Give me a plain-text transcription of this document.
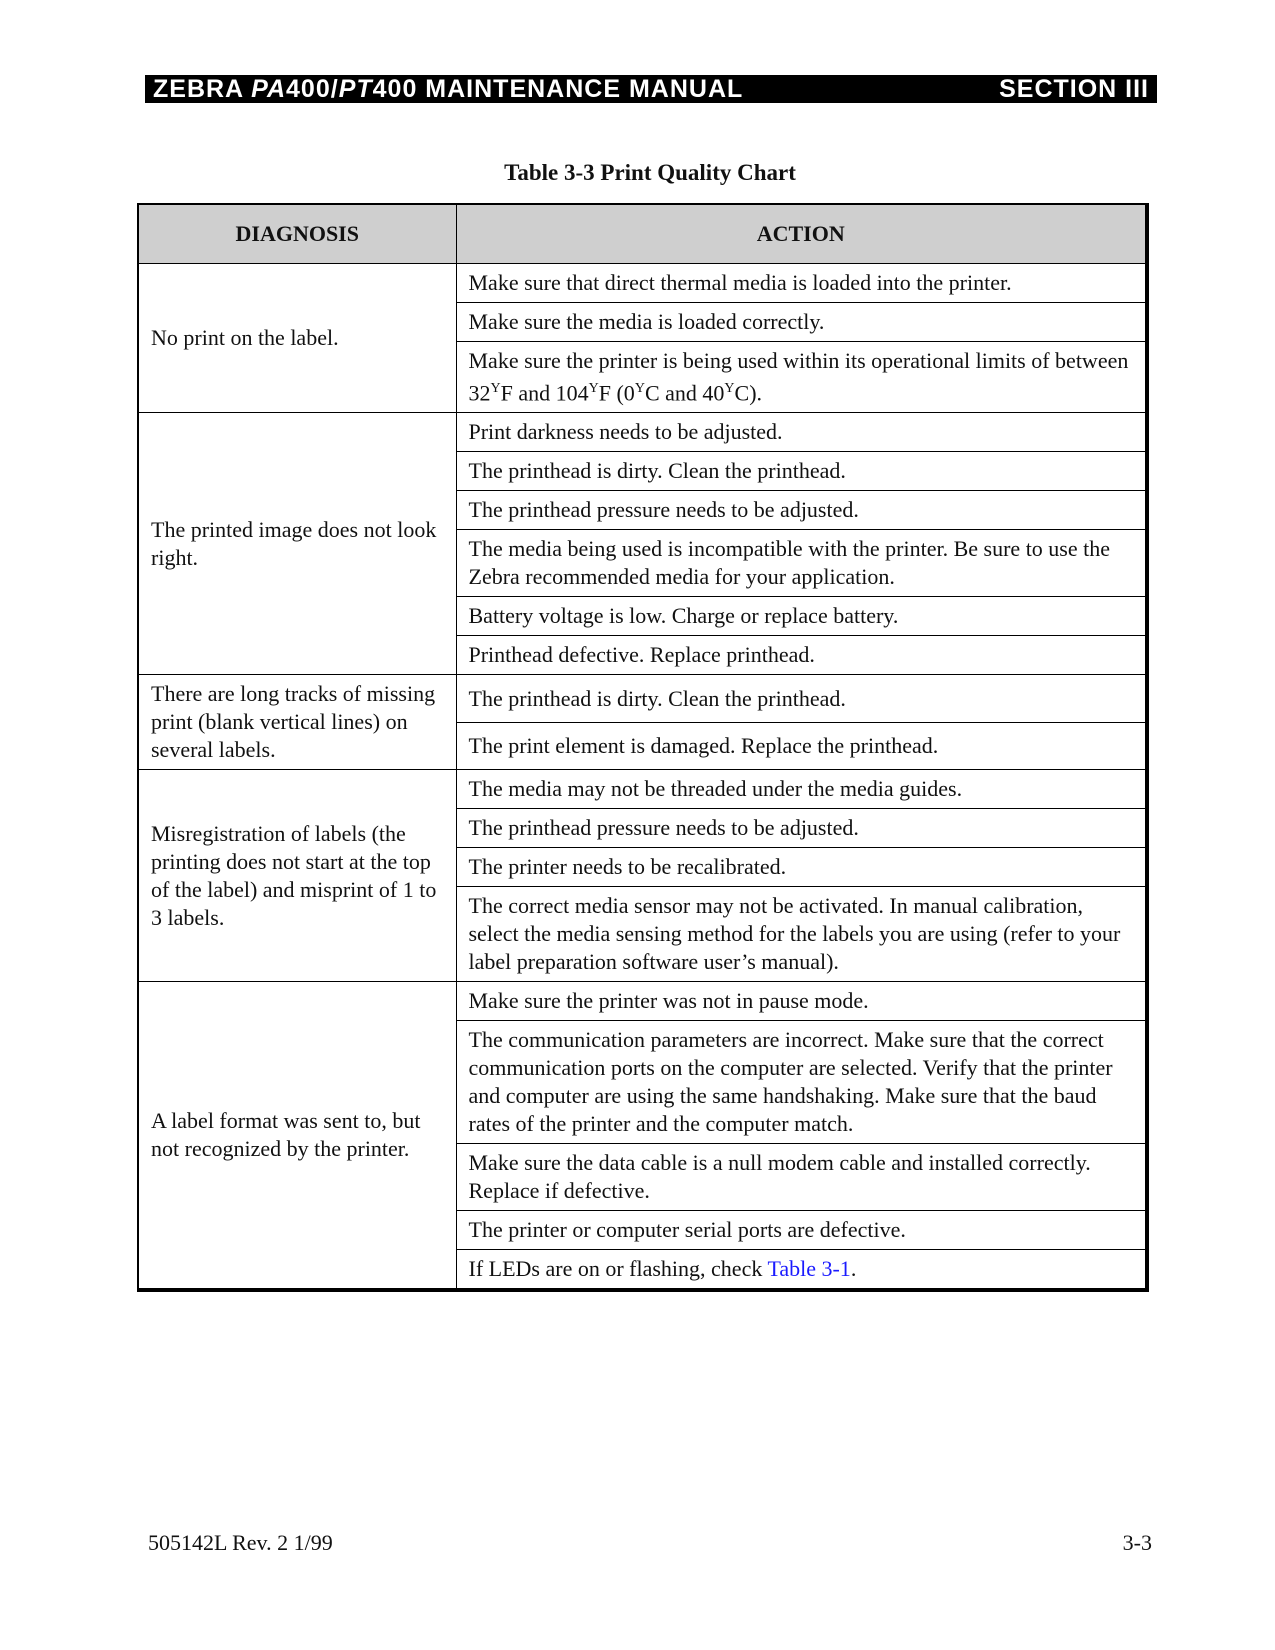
ZEBRA PA400/PT400 MAINTENANCE MANUAL	SECTION III
Table 3-3 Print Quality Chart
DIAGNOSIS	ACTION
No print on the label.	Make sure that direct thermal media is loaded into the printer.
	Make sure the media is loaded correctly.
	Make sure the printer is being used within its operational limits of between $32^\Upsilon F$ and $104^\Upsilon F$ ($0^\Upsilon C$ and $40^\Upsilon C$).
The printed image does not look right.	Print darkness needs to be adjusted.
	The printhead is dirty. Clean the printhead.
	The printhead pressure needs to be adjusted.
	The media being used is incompatible with the printer. Be sure to use the Zebra recommended media for your application.
	Battery voltage is low. Charge or replace battery.
	Printhead defective. Replace printhead.
There are long tracks of missing print (blank vertical lines) on several labels.	The printhead is dirty. Clean the printhead.
	The print element is damaged. Replace the printhead.
Misregistration of labels (the printing does not start at the top of the label) and misprint of 1 to 3 labels.	The media may not be threaded under the media guides.
	The printhead pressure needs to be adjusted.
	The printer needs to be recalibrated.
	The correct media sensor may not be activated. In manual calibration, select the media sensing method for the labels you are using (refer to your label preparation software user’s manual).
A label format was sent to, but not recognized by the printer.	Make sure the printer was not in pause mode.
	The communication parameters are incorrect. Make sure that the correct communication ports on the computer are selected. Verify that the printer and computer are using the same handshaking. Make sure that the baud rates of the printer and the computer match.
	Make sure the data cable is a null modem cable and installed correctly. Replace if defective.
	The printer or computer serial ports are defective.
	If LEDs are on or flashing, check Table 3-1.
505142L Rev. 2 1/99	3-3
